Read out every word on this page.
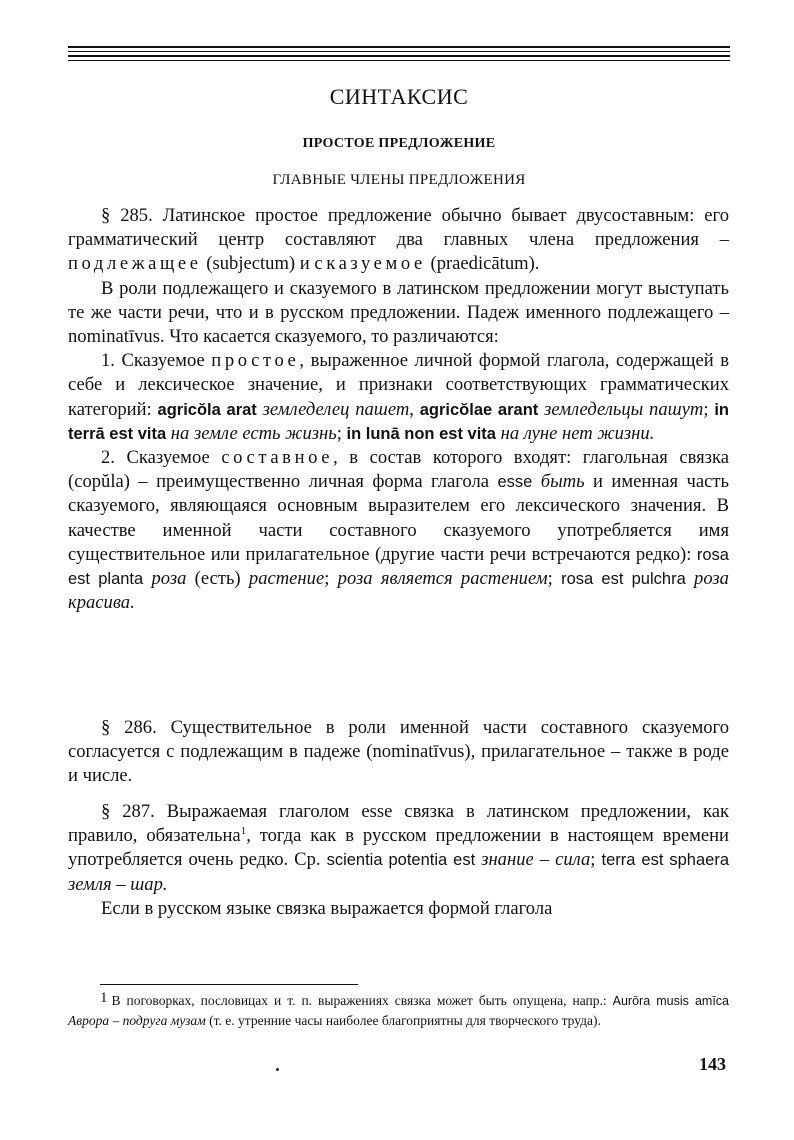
СИНТАКСИС
ПРОСТОЕ ПРЕДЛОЖЕНИЕ
ГЛАВНЫЕ ЧЛЕНЫ ПРЕДЛОЖЕНИЯ

§ 285. Латинское простое предложение обычно бывает двусоставным: его грамматический центр составляют два главных члена предложения – подлежащее (subjectum) и сказуемое (praedicātum).

В роли подлежащего и сказуемого в латинском предложении могут выступать те же части речи, что и в русском предложении. Падеж именного подлежащего – nominatīvus. Что касается сказуемого, то различаются:

1. Сказуемое простое, выраженное личной формой глагола, содержащей в себе и лексическое значение, и признаки соответствующих грамматических категорий: agricŏla arat земледелец пашет, agricŏlae arant земледельцы пашут; in terrā est vita на земле есть жизнь; in lunā non est vita на луне нет жизни.

2. Сказуемое составное, в состав которого входят: глагольная связка (copŭla) – преимущественно личная форма глагола esse быть и именная часть сказуемого, являющаяся основным выразителем его лексического значения. В качестве именной части составного сказуемого употребляется имя существительное или прилагательное (другие части речи встречаются редко): rosa est planta роза (есть) растение; роза является растением; rosa est pulchra роза красива.

§ 286. Существительное в роли именной части составного сказуемого согласуется с подлежащим в падеже (nominatīvus), прилагательное – также в роде и числе.

§ 287. Выражаемая глаголом esse связка в латинском предложении, как правило, обязательна$^1$, тогда как в русском предложении в настоящем времени употребляется очень редко. Ср. scientia potentia est знание – сила; terra est sphaera земля – шар.

Если в русском языке связка выражается формой глагола

1 В поговорках, пословицах и т. п. выражениях связка может быть опущена, напр.: Aurōra musis amīca Аврора – подруга музам (т. е. утренние часы наиболее благоприятны для творческого труда).

143
